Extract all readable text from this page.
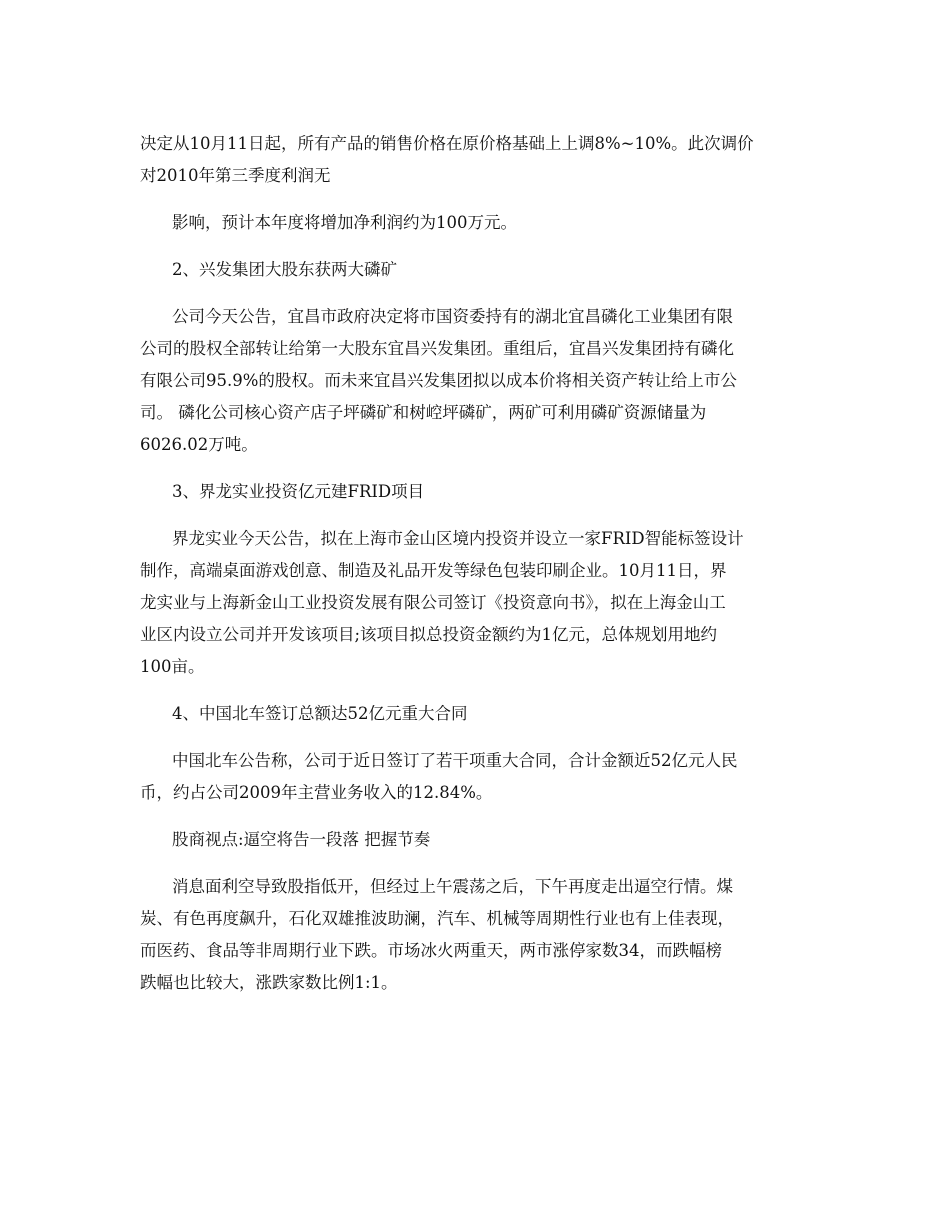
决定从10月11日起，所有产品的销售价格在原价格基础上上调8%~10%。此次调价
对2010年第三季度利润无
影响，预计本年度将增加净利润约为100万元。
2、兴发集团大股东获两大磷矿
公司今天公告，宜昌市政府决定将市国资委持有的湖北宜昌磷化工业集团有限
公司的股权全部转让给第一大股东宜昌兴发集团。重组后，宜昌兴发集团持有磷化
有限公司95.9%的股权。而未来宜昌兴发集团拟以成本价将相关资产转让给上市公
司。 磷化公司核心资产店子坪磷矿和树崆坪磷矿，两矿可利用磷矿资源储量为
6026.02万吨。
3、界龙实业投资亿元建FRID项目
界龙实业今天公告，拟在上海市金山区境内投资并设立一家FRID智能标签设计
制作，高端桌面游戏创意、制造及礼品开发等绿色包装印刷企业。10月11日，界
龙实业与上海新金山工业投资发展有限公司签订《投资意向书》，拟在上海金山工
业区内设立公司并开发该项目;该项目拟总投资金额约为1亿元，总体规划用地约
100亩。
4、中国北车签订总额达52亿元重大合同
中国北车公告称，公司于近日签订了若干项重大合同，合计金额近52亿元人民
币，约占公司2009年主营业务收入的12.84%。
股商视点:逼空将告一段落 把握节奏
消息面利空导致股指低开，但经过上午震荡之后，下午再度走出逼空行情。煤
炭、有色再度飙升，石化双雄推波助澜，汽车、机械等周期性行业也有上佳表现，
而医药、食品等非周期行业下跌。市场冰火两重天，两市涨停家数34，而跌幅榜
跌幅也比较大，涨跌家数比例1:1。
